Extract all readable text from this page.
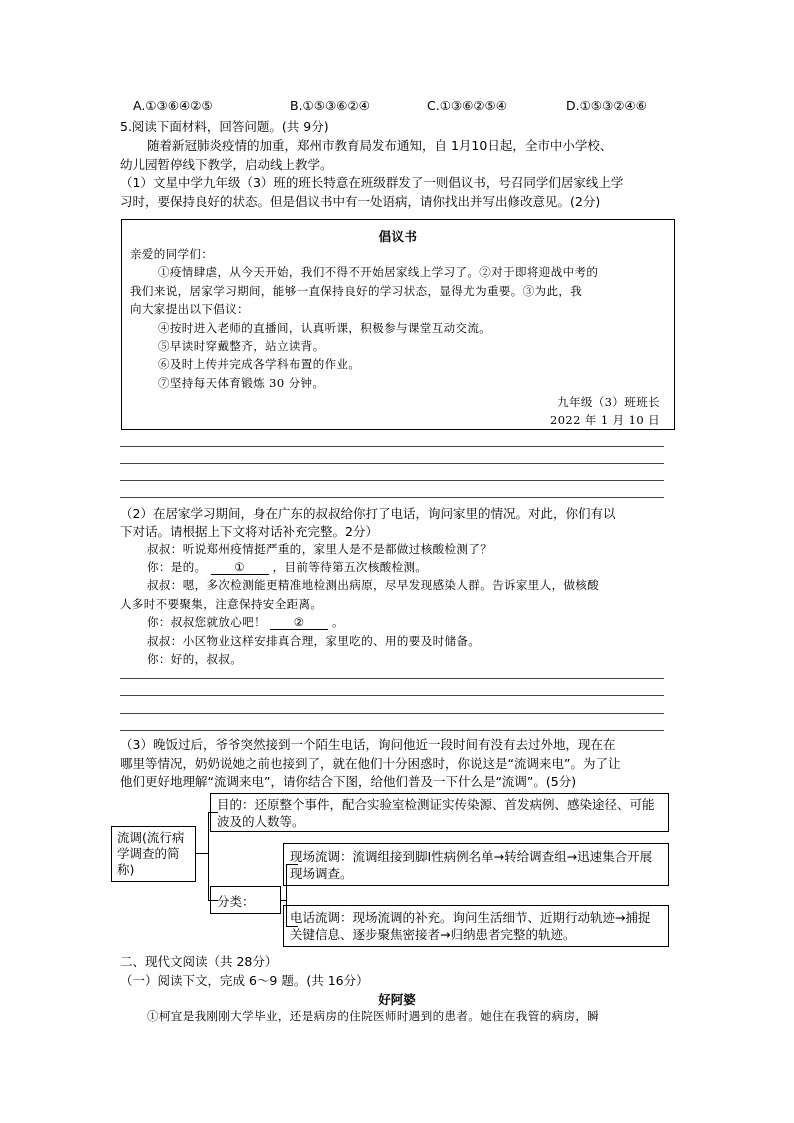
A.①③⑥④②⑤	B.①⑤③⑥②④	C.①③⑥②⑤④	D.①⑤③②④⑥
5.阅读下面材料，回答问题。(共 9分)
随着新冠肺炎疫情的加重，郑州市教育局发布通知，自 1月10日起，全市中小学校、
幼儿园暂停线下教学，启动线上教学。
（1）文星中学九年级（3）班的班长特意在班级群发了一则倡议书，号召同学们居家线上学
习时，要保持良好的状态。但是倡议书中有一处语病，请你找出并写出修改意见。(2分)
倡议书
亲爱的同学们：
①疫情肆虐，从今天开始，我们不得不开始居家线上学习了。②对于即将迎战中考的
我们来说，居家学习期间，能够一直保持良好的学习状态，显得尤为重要。③为此，我
向大家提出以下倡议：
④按时进入老师的直播间，认真听课，积极参与课堂互动交流。
⑤早读时穿戴整齐，站立读背。
⑥及时上传并完成各学科布置的作业。
⑦坚持每天体育锻炼 30 分钟。
九年级（3）班班长
2022 年 1 月 10 日
（2）在居家学习期间，身在广东的叔叔给你打了电话，询问家里的情况。对此，你们有以
下对话。请根据上下文将对话补充完整。2分）
叔叔：听说郑州疫情挺严重的，家里人是不是都做过核酸检测了？
你：是的。 ① ，目前等待第五次核酸检测。
叔叔：嗯，多次检测能更精准地检测出病原，尽早发现感染人群。告诉家里人，做核酸
人多时不要聚集，注意保持安全距离。
你：叔叔您就放心吧！ ② 。
叔叔：小区物业这样安排真合理，家里吃的、用的要及时储备。
你：好的，叔叔。
（3）晚饭过后，爷爷突然接到一个陌生电话，询问他近一段时间有没有去过外地，现在在
哪里等情况，奶奶说她之前也接到了，就在他们十分困惑时，你说这是“流调来电”。为了让
他们更好地理解“流调来电”，请你结合下图，给他们普及一下什么是“流调”。(5分)
流调(流行病学调查的简称)
目的：还原整个事件，配合实验室检测证实传染源、首发病例、感染途径、可能波及的人数等。
分类：
现场流调：流调组接到脚Ⅰ性病例名单→转给调查组→迅速集合开展现场调查。
电话流调：现场流调的补充。询问生活细节、近期行动轨迹→捕捉关键信息、逐步聚焦密接者→归纳患者完整的轨迹。
二、现代文阅读（共 28分）
（一）阅读下文，完成 6～9 题。(共 16分）
好阿婆
①柯宜是我刚刚大学毕业，还是病房的住院医师时遇到的患者。她住在我管的病房，瞬
